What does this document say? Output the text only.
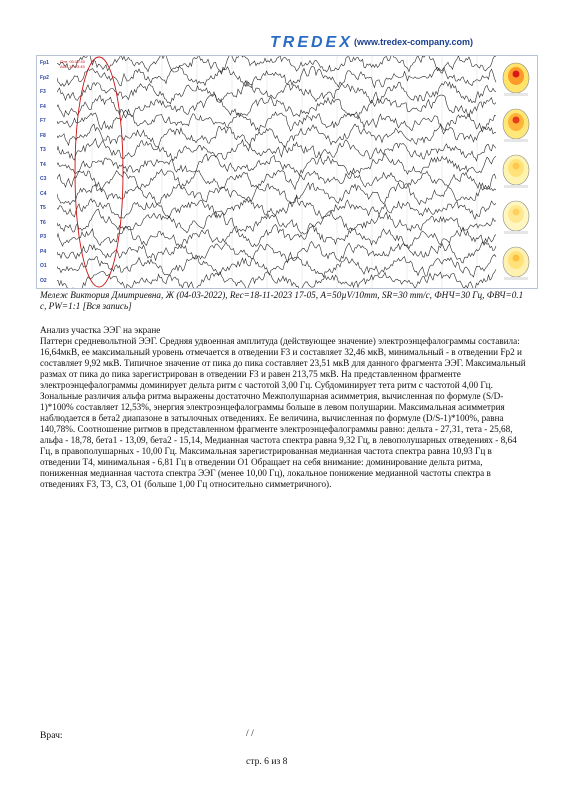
TREDEX (www.tredex-company.com)
Fp1
Fp2
F3
F4
F7
F8
T3
T4
C3
C4
T5
T6
P3
P4
O1
O2
Отн. 00:12:40
Абс. 17:23:45
Мележ Виктория Дмитриевна, Ж (04-03-2022), Rec=18-11-2023 17-05, А=50µV/10mm, SR=30 mm/c, ФНЧ=30 Гц, ФВЧ=0.1 c, PW=1:1 [Вся запись]

Анализ участка ЭЭГ на экране

Паттерн сpедневольтной ЭЭГ. Средняя удвоенная амплитуда (действующее значение) электроэнцефалограммы составила: 16,64мкВ, ее максимальный уровень отмечается в отведении F3 и составляет 32,46 мкВ, минимальный - в отведении Fp2 и составляет 9,92 мкВ. Типичное значение от пика до пика составляет 23,51 мкВ для данного фрагмента ЭЭГ. Максимальный размах от пика до пика зарегистрирован в отведении F3 и равен 213,75 мкВ. На представленном фрагменте электроэнцефалограммы доминирует дельта ритм с частотой 3,00 Гц. Субдоминирует тета ритм с частотой 4,00 Гц. Зональные различия альфа ритма выражены достаточно Межполушарная асимметрия, вычисленная по формуле (S/D-1)*100% составляет 12,53%, энергия электроэнцефалограммы больше в левом полушарии. Максимальная асимметрия наблюдается в бета2 диапазоне в затылочных отведениях. Ее величина, вычисленная по формуле (D/S-1)*100%, равна 140,78%. Соотношение ритмов в представленном фрагменте электроэнцефалограммы равно: дельта - 27,31, тета - 25,68, альфа - 18,78, бета1 - 13,09, бета2 - 15,14, Медианная частота спектра равна 9,32 Гц, в левополушарных отведениях - 8,64 Гц, в правополушарных - 10,00 Гц. Максимальная зарегистрированная медианная частота спектра равна 10,93 Гц в отведении T4, минимальная - 6,81 Гц в отведении O1 Обращает на себя внимание: доминирование дельта ритма, пониженная медианная частота спектра ЭЭГ (менее 10,00 Гц), локальное понижение медианной частоты спектра в отведениях F3, T3, C3, O1 (больше 1,00 Гц относительно симметричного).

Врач:	/ /
стр. 6 из 8
